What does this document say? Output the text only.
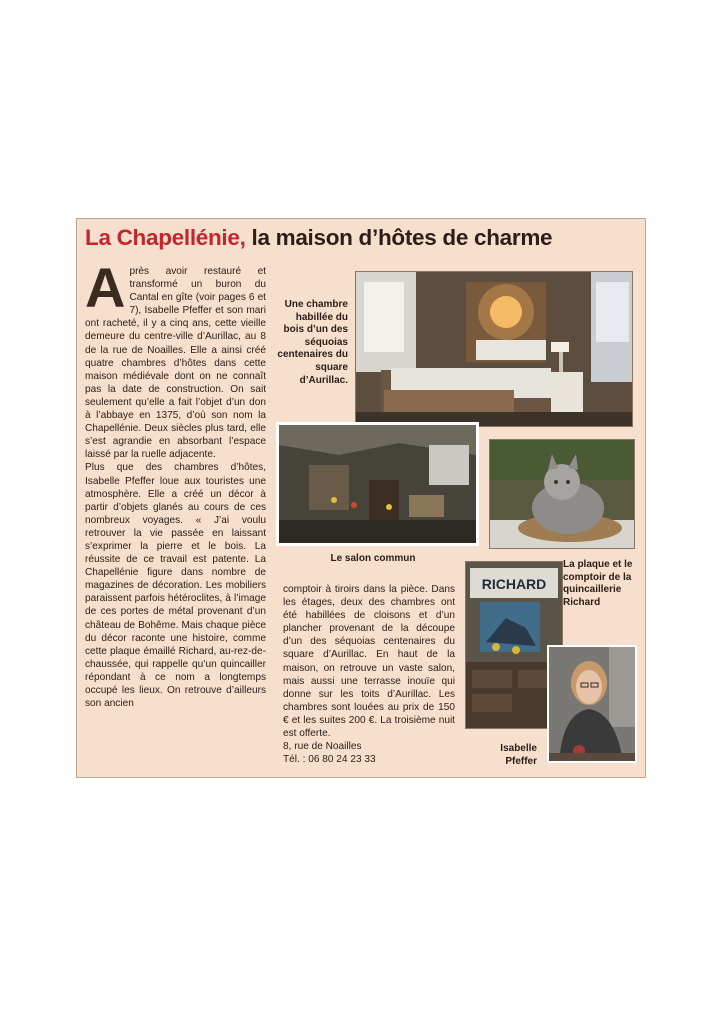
La Chapellénie, la maison d’hôtes de charme
A près avoir restauré et transformé un buron du Cantal en gîte (voir pages 6 et 7), Isabelle Pfeffer et son mari ont racheté, il y a cinq ans, cette vieille demeure du centre-ville d’Aurillac, au 8 de la rue de Noailles. Elle a ainsi créé quatre chambres d’hôtes dans cette maison médiévale dont on ne connaît pas la date de construction. On sait seulement qu’elle a fait l’objet d’un don à l’abbaye en 1375, d’où son nom la Chapellénie. Deux siècles plus tard, elle s’est agrandie en absorbant l’espace laissé par la ruelle adjacente.

Plus que des chambres d’hôtes, Isabelle Pfeffer loue aux touristes une atmosphère. Elle a créé un décor à partir d’objets glanés au cours de ces nombreux voyages. « J’ai voulu retrouver la vie passée en laissant s’exprimer la pierre et le bois. La réussite de ce travail est patente. La Chapellénie figure dans nombre de magazines de décoration. Les mobiliers paraissent parfois hétéroclites, à l’image de ces portes de métal provenant d’un château de Bohême. Mais chaque pièce du décor raconte une histoire, comme cette plaque émaillé Richard, au-rez-de-chaussée, qui rappelle qu’un quincailler répondant à ce nom a longtemps occupé les lieux. On retrouve d’ailleurs son ancien

comptoir à tiroirs dans la pièce. Dans les étages, deux des chambres ont été habillées de cloisons et d’un plancher provenant de la découpe d’un des séquoias centenaires du square d’Aurillac. En haut de la maison, on retrouve un vaste salon, mais aussi une terrasse inouïe qui donne sur les toits d’Aurillac. Les chambres sont louées au prix de 150 € et les suites 200 €. La troisième nuit est offerte.

8, rue de Noailles

Tél. : 06 80 24 23 33

Une chambre habillée du bois d’un des séquoias centenaires du square d’Aurillac.
Le salon commun
La plaque et le comptoir de la quincaillerie Richard
Isabelle Pfeffer
RICHARD
